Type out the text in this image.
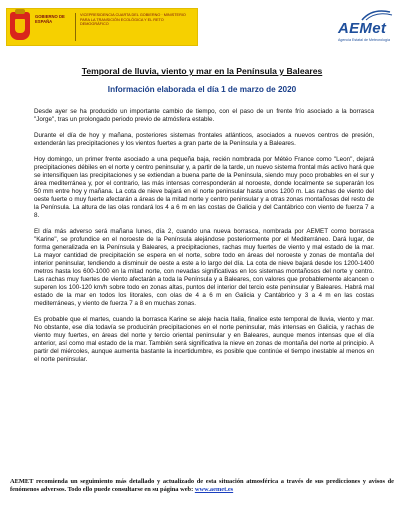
GOBIERNO DE ESPAÑA
VICEPRESIDENCIA CUARTA DEL GOBIERNO · MINISTERIO PARA LA TRANSICIÓN ECOLÓGICA Y EL RETO DEMOGRÁFICO	AEMet
Agencia Estatal de Meteorología
Temporal de lluvia, viento y mar en la Península y Baleares
Información elaborada el día 1 de marzo de 2020

Desde ayer se ha producido un importante cambio de tiempo, con el paso de un frente frío asociado a la borrasca "Jorge", tras un prolongado periodo previo de atmósfera estable.

Durante el día de hoy y mañana, posteriores sistemas frontales atlánticos, asociados a nuevos centros de presión, extenderán las precipitaciones y los vientos fuertes a gran parte de la Península y a Baleares.

Hoy domingo, un primer frente asociado a una pequeña baja, recién nombrada por Météo France como "Leon", dejará precipitaciones débiles en el norte y centro peninsular y, a partir de la tarde, un nuevo sistema frontal más activo hará que se intensifiquen las precipitaciones y se extiendan a buena parte de la Península, siendo muy poco probables en el sur y área mediterránea y, por el contrario, las más intensas corresponderán al noroeste, donde localmente se superarán los 50 mm entre hoy y mañana. La cota de nieve bajará en el norte peninsular hasta unos 1200 m. Las rachas de viento del oeste fuerte o muy fuerte afectarán a áreas de la mitad norte y centro peninsular y a otras zonas montañosas del resto de la Península. La altura de las olas rondará los 4 a 6 m en las costas de Galicia y del Cantábrico con viento de fuerza 7 a 8.

El día más adverso será mañana lunes, día 2, cuando una nueva borrasca, nombrada por AEMET como borrasca "Karine", se profundice en el noroeste de la Península alejándose posteriormente por el Mediterráneo. Dará lugar, de forma generalizada en la Península y Baleares, a precipitaciones, rachas muy fuertes de viento y mal estado de la mar. La mayor cantidad de precipitación se espera en el norte, sobre todo en áreas del noroeste y zonas de montaña del interior peninsular, tendiendo a disminuir de oeste a este a lo largo del día. La cota de nieve bajará desde los 1200-1400 metros hasta los 600-1000 en la mitad norte, con nevadas significativas en los sistemas montañosos del norte y centro. Las rachas muy fuertes de viento afectarán a toda la Península y a Baleares, con valores que probablemente alcancen o superen los 100-120 km/h sobre todo en zonas altas, puntos del interior del tercio este peninsular y Baleares. Habrá mal estado de la mar en todos los litorales, con olas de 4 a 6 m en Galicia y Cantábrico y 3 a 4 m en las costas mediterráneas, y viento de fuerza 7 a 8 en muchas zonas.

Es probable que el martes, cuando la borrasca Karine se aleje hacia Italia, finalice este temporal de lluvia, viento y mar. No obstante, ese día todavía se producirán precipitaciones en el norte peninsular, más intensas en Galicia, y rachas de viento muy fuertes, en áreas del norte y tercio oriental peninsular y en Baleares, aunque menos intensas que el día anterior, así como mal estado de la mar. También será significativa la nieve en zonas de montaña del norte al principio. A partir del miércoles, aunque aumenta bastante la incertidumbre, es posible que continúe el tiempo inestable al menos en el norte peninsular.

AEMET recomienda un seguimiento más detallado y actualizado de esta situación atmosférica a través de sus predicciones y avisos de fenómenos adversos. Todo ello puede consultarse en su página web: www.aemet.es
